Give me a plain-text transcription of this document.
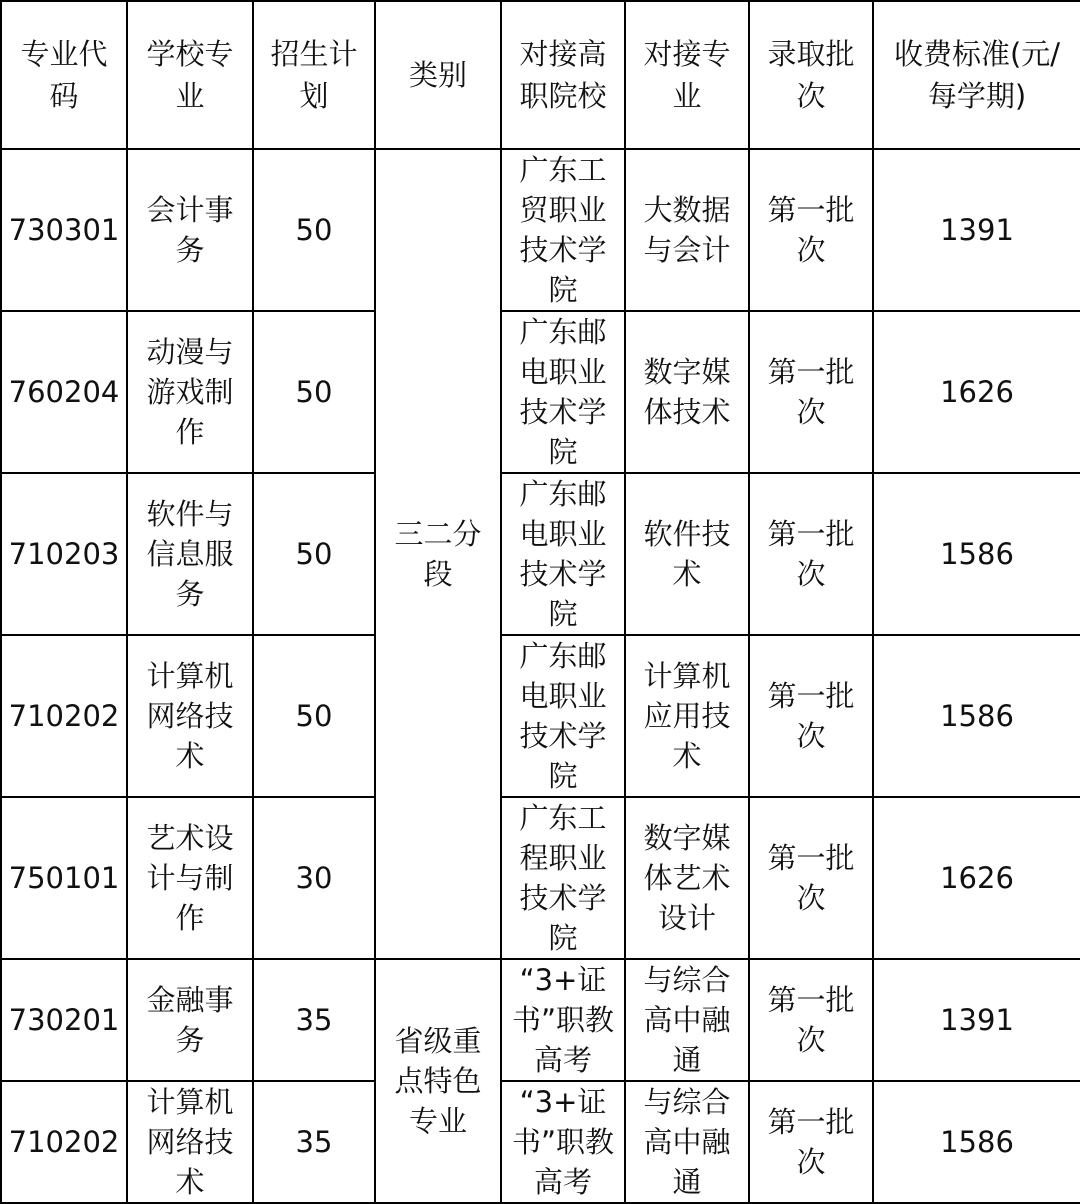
专业代码	学校专业	招生计划	类别	对接高职院校	对接专业	录取批次	收费标准(元/每学期)
730301	会计事务	50	三二分段	广东工贸职业技术学院	大数据与会计	第一批次	1391
760204	动漫与游戏制作	50		广东邮电职业技术学院	数字媒体技术	第一批次	1626
710203	软件与信息服务	50		广东邮电职业技术学院	软件技术	第一批次	1586
710202	计算机网络技术	50		广东邮电职业技术学院	计算机应用技术	第一批次	1586
750101	艺术设计与制作	30		广东工程职业技术学院	数字媒体艺术设计	第一批次	1626
730201	金融事务	35	省级重点特色专业	“3+证书”职教高考	与综合高中融通	第一批次	1391
710202	计算机网络技术	35		“3+证书”职教高考	与综合高中融通	第一批次	1586
